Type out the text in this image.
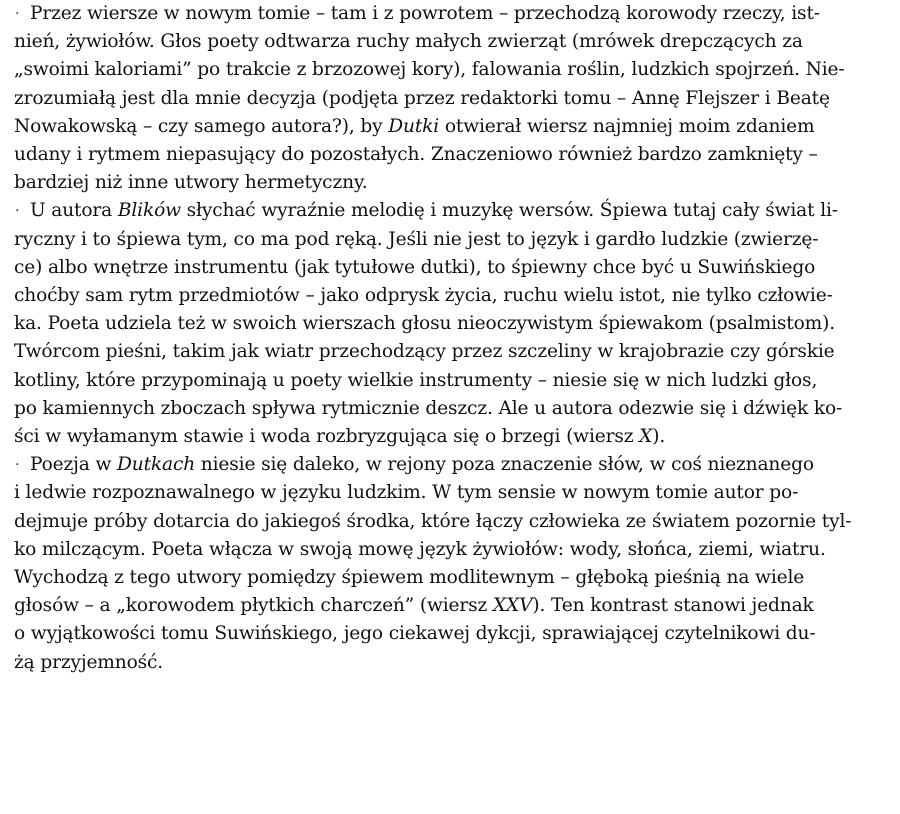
· Przez wiersze w nowym tomie – tam i z powrotem – przechodzą korowody rzeczy, ist-
nień, żywiołów. Głos poety odtwarza ruchy małych zwierząt (mrówek drepczących za
„swoimi kaloriami” po trakcie z brzozowej kory), falowania roślin, ludzkich spojrzeń. Nie-
zrozumiałą jest dla mnie decyzja (podjęta przez redaktorki tomu – Annę Flejszer i Beatę
Nowakowską – czy samego autora?), by Dutki otwierał wiersz najmniej moim zdaniem
udany i rytmem niepasujący do pozostałych. Znaczeniowo również bardzo zamknięty –
bardziej niż inne utwory hermetyczny.
· U autora Blików słychać wyraźnie melodię i muzykę wersów. Śpiewa tutaj cały świat li-
ryczny i to śpiewa tym, co ma pod ręką. Jeśli nie jest to język i gardło ludzkie (zwierzę-
ce) albo wnętrze instrumentu (jak tytułowe dutki), to śpiewny chce być u Suwińskiego
choćby sam rytm przedmiotów – jako odprysk życia, ruchu wielu istot, nie tylko człowie-
ka. Poeta udziela też w swoich wierszach głosu nieoczywistym śpiewakom (psalmistom).
Twórcom pieśni, takim jak wiatr przechodzący przez szczeliny w krajobrazie czy górskie
kotliny, które przypominają u poety wielkie instrumenty – niesie się w nich ludzki głos,
po kamiennych zboczach spływa rytmicznie deszcz. Ale u autora odezwie się i dźwięk ko-
ści w wyłamanym stawie i woda rozbryzgująca się o brzegi (wiersz X).
· Poezja w Dutkach niesie się daleko, w rejony poza znaczenie słów, w coś nieznanego
i ledwie rozpoznawalnego w języku ludzkim. W tym sensie w nowym tomie autor po-
dejmuje próby dotarcia do jakiegoś środka, które łączy człowieka ze światem pozornie tyl-
ko milczącym. Poeta włącza w swoją mowę język żywiołów: wody, słońca, ziemi, wiatru.
Wychodzą z tego utwory pomiędzy śpiewem modlitewnym – głęboką pieśnią na wiele
głosów – a „korowodem płytkich charczeń” (wiersz XXV). Ten kontrast stanowi jednak
o wyjątkowości tomu Suwińskiego, jego ciekawej dykcji, sprawiającej czytelnikowi du-
żą przyjemność.
